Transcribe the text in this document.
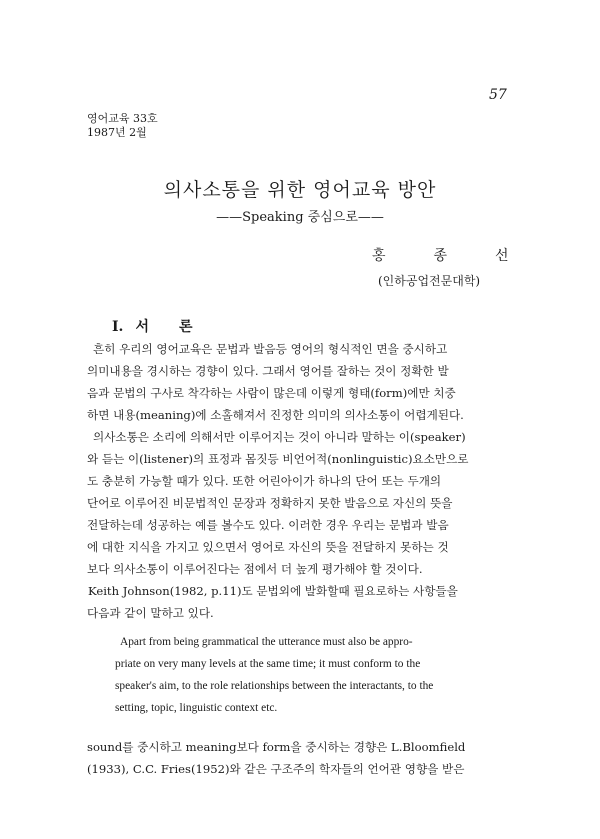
57
영어교육 33호
1987년 2월
의사소통을 위한 영어교육 방안
——Speaking 중심으로——
홍종선
(인하공업전문대학)
I. 서론
흔히 우리의 영어교육은 문법과 발음등 영어의 형식적인 면을 중시하고
의미내용을 경시하는 경향이 있다. 그래서 영어를 잘하는 것이 정확한 발
음과 문법의 구사로 착각하는 사람이 많은데 이렇게 형태(form)에만 치중
하면 내용(meaning)에 소홀해져서 진정한 의미의 의사소통이 어렵게된다.
의사소통은 소리에 의해서만 이루어지는 것이 아니라 말하는 이(speaker)
와 듣는 이(listener)의 표정과 몸짓등 비언어적(nonlinguistic)요소만으로
도 충분히 가능할 때가 있다. 또한 어린아이가 하나의 단어 또는 두개의
단어로 이루어진 비문법적인 문장과 정확하지 못한 발음으로 자신의 뜻을
전달하는데 성공하는 예를 볼수도 있다. 이러한 경우 우리는 문법과 발음
에 대한 지식을 가지고 있으면서 영어로 자신의 뜻을 전달하지 못하는 것
보다 의사소통이 이루어진다는 점에서 더 높게 평가해야 할 것이다.
Keith Johnson(1982, p.11)도 문법외에 발화할때 필요로하는 사항들을
다음과 같이 말하고 있다.
Apart from being grammatical the utterance must also be appro-
priate on very many levels at the same time; it must conform to the
speaker's aim, to the role relationships between the interactants, to the
setting, topic, linguistic context etc.
sound를 중시하고 meaning보다 form을 중시하는 경향은 L.Bloomfield
(1933), C.C. Fries(1952)와 같은 구조주의 학자들의 언어관 영향을 받은
